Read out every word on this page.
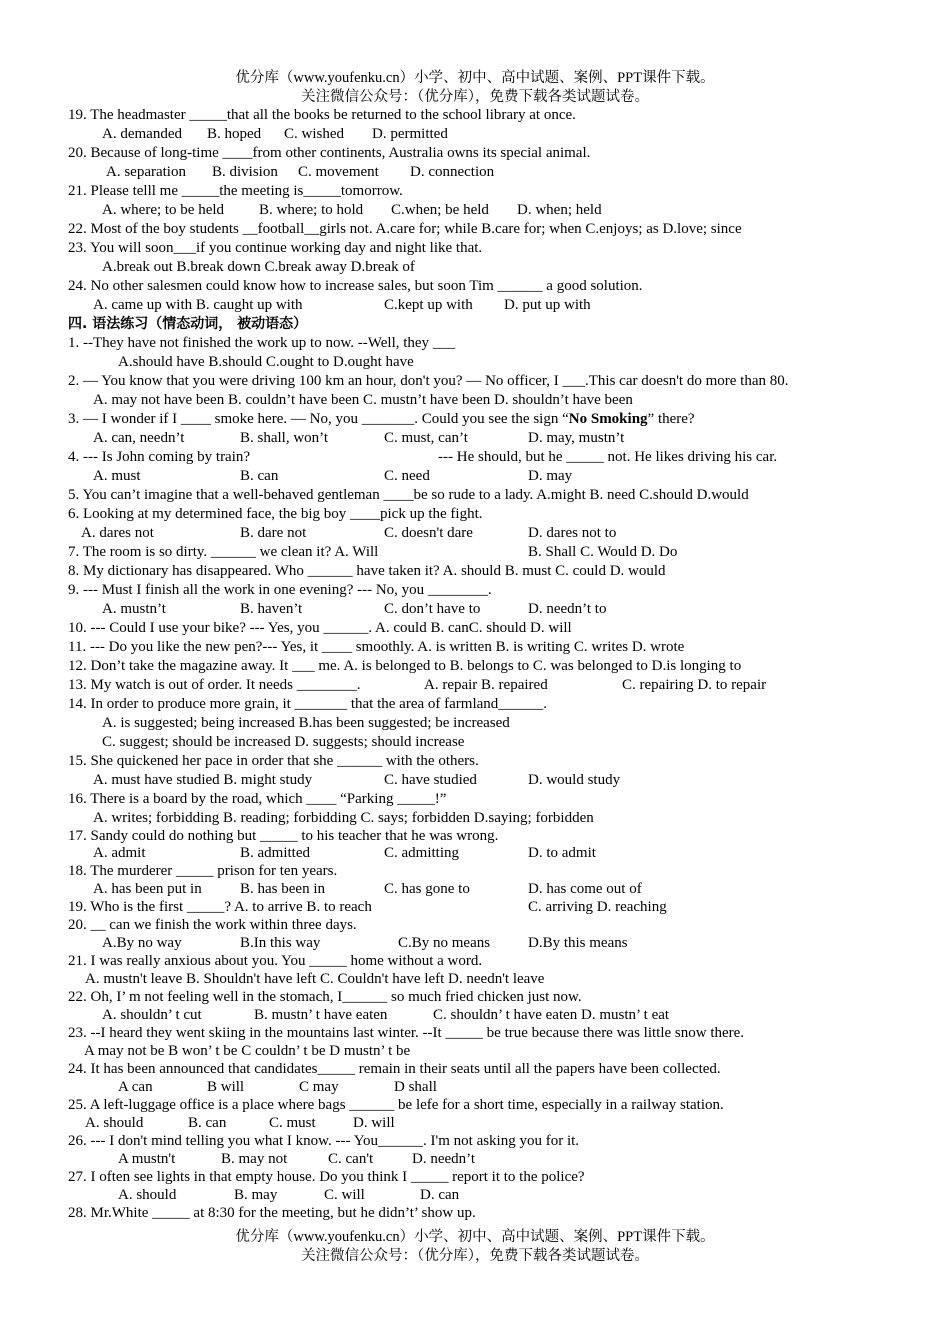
优分库（www.youfenku.cn）小学、初中、高中试题、案例、PPT课件下载。
关注微信公众号：（优分库），免费下载各类试题试卷。
19. The headmaster _____that all the books be returned to the school library at once.
A. demanded B. hoped C. wished D. permitted
20. Because of long-time ____from other continents, Australia owns its special animal.
A. separation B. division C. movement D. connection
21. Please telll me _____the meeting is_____tomorrow.
A. where; to be held B. where; to hold C.when; be held D. when; held
22. Most of the boy students __football__girls not. A.care for; while B.care for; when C.enjoys; as D.love; since
23. You will soon___if you continue working day and night like that.
A.break out B.break down C.break away D.break of
24. No other salesmen could know how to increase sales, but soon Tim ______ a good solution.
A. came up with B. caught up with	C.kept up with D. put up with
四. 语法练习（情态动词， 被动语态）
1. --They have not finished the work up to now. --Well, they ___
A.should have B.should C.ought to D.ought have
2. — You know that you were driving 100 km an hour, don't you? — No officer, I ___.This car doesn't do more than 80.
A. may not have been B. couldn’t have been C. mustn’t have been D. shouldn’t have been
3. — I wonder if I ____ smoke here. — No, you _______. Could you see the sign “No Smoking” there?
A. can, needn’t	B. shall, won’t	C. must, can’t	D. may, mustn’t
4. --- Is John coming by train?	--- He should, but he _____ not. He likes driving his car.
A. must	B. can	C. need	D. may
5. You can’t imagine that a well-behaved gentleman ____be so rude to a lady. A.might B. need C.should D.would
6. Looking at my determined face, the big boy ____pick up the fight.
A. dares not	B. dare not	C. doesn't dare	D. dares not to
7. The room is so dirty. ______ we clean it? A. Will	B. Shall C. Would D. Do
8. My dictionary has disappeared. Who ______ have taken it? A. should B. must C. could D. would
9. --- Must I finish all the work in one evening? --- No, you ________.
A. mustn’t	B. haven’t	C. don’t have to	D. needn’t to
10. --- Could I use your bike? --- Yes, you ______. A. could B. canC. should D. will
11. --- Do you like the new pen?--- Yes, it ____ smoothly. A. is written B. is writing C. writes D. wrote
12. Don’t take the magazine away. It ___ me. A. is belonged to B. belongs to C. was belonged to D.is longing to
13. My watch is out of order. It needs ________.	A. repair B. repaired	C. repairing D. to repair
14. In order to produce more grain, it _______ that the area of farmland______.
A. is suggested; being increased B.has been suggested; be increased
C. suggest; should be increased D. suggests; should increase
15. She quickened her pace in order that she ______ with the others.
A. must have studied B. might study	C. have studied	D. would study
16. There is a board by the road, which ____ “Parking _____!”
A. writes; forbidding B. reading; forbidding C. says; forbidden D.saying; forbidden
17. Sandy could do nothing but _____ to his teacher that he was wrong.
A. admit	B. admitted	C. admitting	D. to admit
18. The murderer _____ prison for ten years.
A. has been put in	B. has been in	C. has gone to	D. has come out of
19. Who is the first _____? A. to arrive B. to reach	C. arriving D. reaching
20. __ can we finish the work within three days.
A.By no way	B.In this way	C.By no means	D.By this means
21. I was really anxious about you. You _____ home without a word.
A. mustn't leave B. Shouldn't have left C. Couldn't have left D. needn't leave
22. Oh, I’ m not feeling well in the stomach, I______ so much fried chicken just now.
A. shouldn’ t cut	B. mustn’ t have eaten	C. shouldn’ t have eaten D. mustn’ t eat
23. --I heard they went skiing in the mountains last winter. --It _____ be true because there was little snow there.
A may not be B won’ t be C couldn’ t be D mustn’ t be
24. It has been announced that candidates_____ remain in their seats until all the papers have been collected.
A can	B will	C may	D shall
25. A left-luggage office is a place where bags ______ be lefe for a short time, especially in a railway station.
A. should	B. can	C. must D. will
26. --- I don't mind telling you what I know. --- You______. I'm not asking you for it.
A mustn't	B. may not	C. can't	D. needn’t
27. I often see lights in that empty house. Do you think I _____ report it to the police?
A. should	B. may	C. will	D. can
28. Mr.White _____ at 8:30 for the meeting, but he didn’t’ show up.
优分库（www.youfenku.cn）小学、初中、高中试题、案例、PPT课件下载。
关注微信公众号：（优分库），免费下载各类试题试卷。
